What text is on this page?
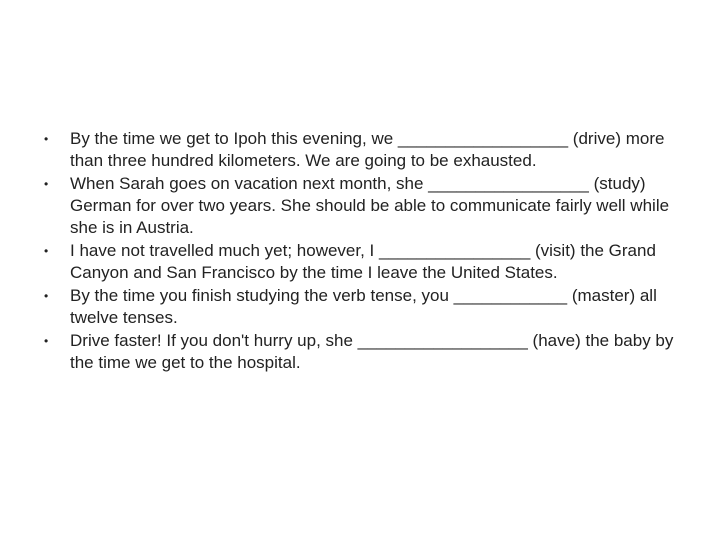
•	By the time we get to Ipoh this evening, we __________________ (drive) more than three hundred kilometers. We are going to be exhausted.
•	When Sarah goes on vacation next month, she _________________ (study) German for over two years. She should be able to communicate fairly well while she is in Austria.
•	I have not travelled much yet; however, I ________________ (visit) the Grand Canyon and San Francisco by the time I leave the United States.
•	By the time you finish studying the verb tense, you ____________ (master) all twelve tenses.
•	Drive faster! If you don't hurry up, she __________________ (have) the baby by the time we get to the hospital.
